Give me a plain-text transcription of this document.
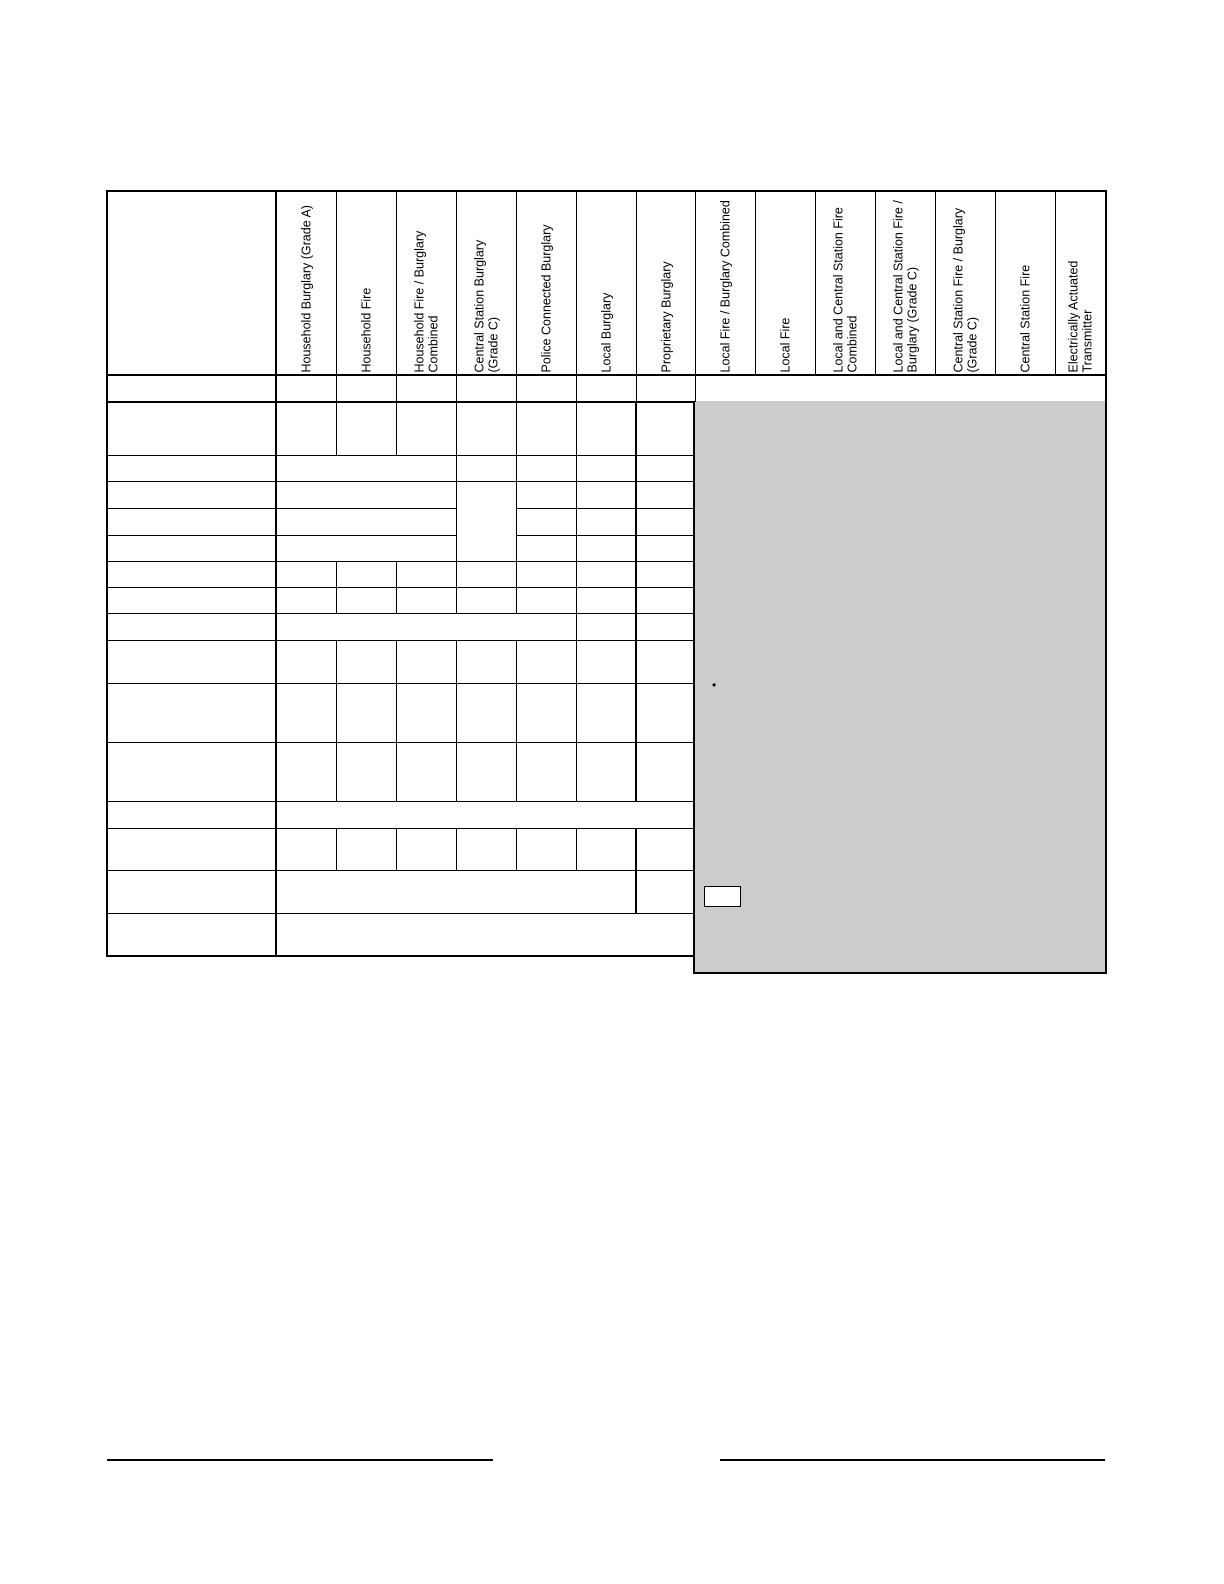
Household Burglary (Grade A)	Household Fire	Household Fire / Burglary Combined	Central Station Burglary (Grade C)	Police Connected Burglary	Local Burglary	Proprietary Burglary	Local Fire / Burglary Combined	Local Fire	Local and Central Station Fire Combined	Local and Central Station Fire / Burglary (Grade C)	Central Station Fire / Burglary (Grade C)	Central Station Fire	Electrically Actuated Transmitter
•
